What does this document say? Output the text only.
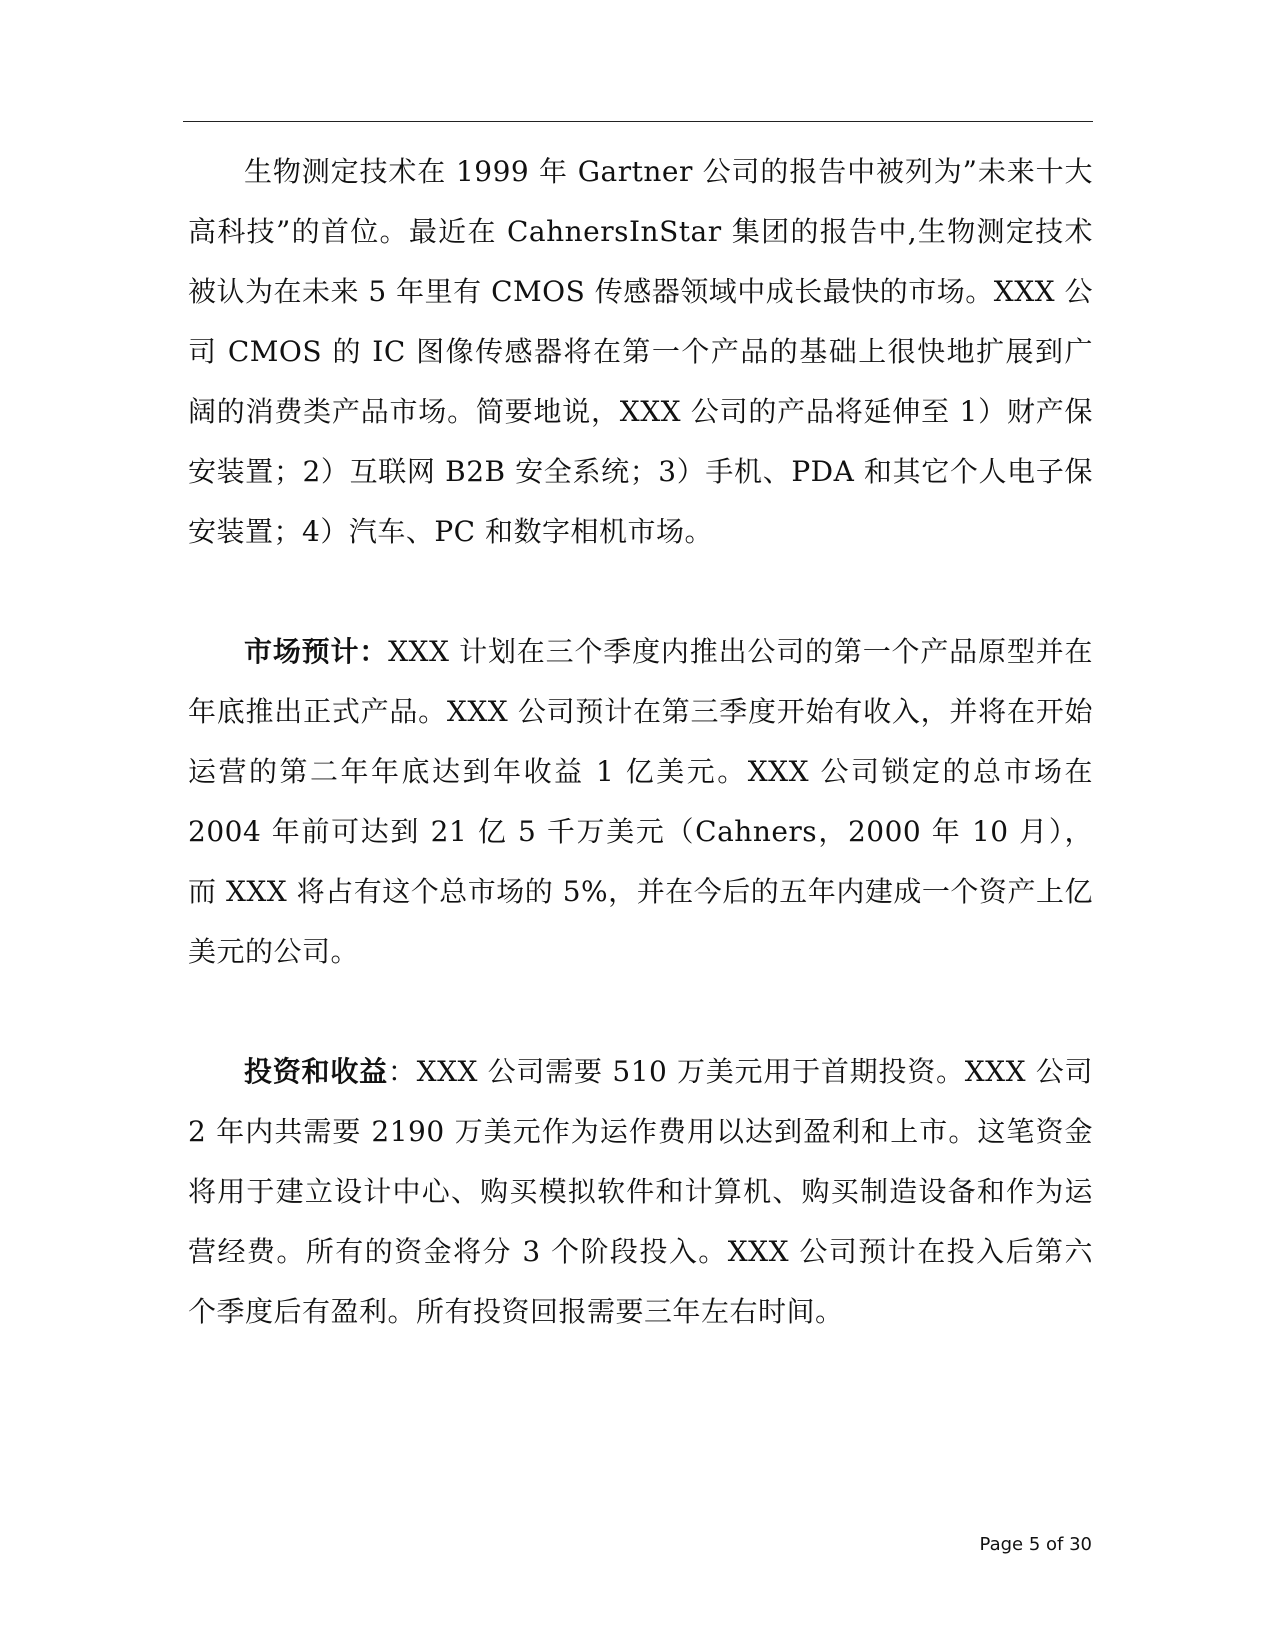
生物测定技术在 1999 年 Gartner 公司的报告中被列为”未来十大高科技”的首位。最近在 CahnersInStar 集团的报告中,生物测定技术被认为在未来 5 年里有 CMOS 传感器领域中成长最快的市场。XXX 公司 CMOS 的 IC 图像传感器将在第一个产品的基础上很快地扩展到广阔的消费类产品市场。简要地说，XXX 公司的产品将延伸至 1）财产保安装置；2）互联网 B2B 安全系统；3）手机、PDA 和其它个人电子保安装置；4）汽车、PC 和数字相机市场。

市场预计：XXX 计划在三个季度内推出公司的第一个产品原型并在年底推出正式产品。XXX 公司预计在第三季度开始有收入，并将在开始运营的第二年年底达到年收益 1 亿美元。XXX 公司锁定的总市场在 2004 年前可达到 21 亿 5 千万美元（Cahners，2000 年 10 月），而 XXX 将占有这个总市场的 5%，并在今后的五年内建成一个资产上亿美元的公司。

投资和收益：XXX 公司需要 510 万美元用于首期投资。XXX 公司 2 年内共需要 2190 万美元作为运作费用以达到盈利和上市。这笔资金将用于建立设计中心、购买模拟软件和计算机、购买制造设备和作为运营经费。所有的资金将分 3 个阶段投入。XXX 公司预计在投入后第六个季度后有盈利。所有投资回报需要三年左右时间。

Page 5 of 30
